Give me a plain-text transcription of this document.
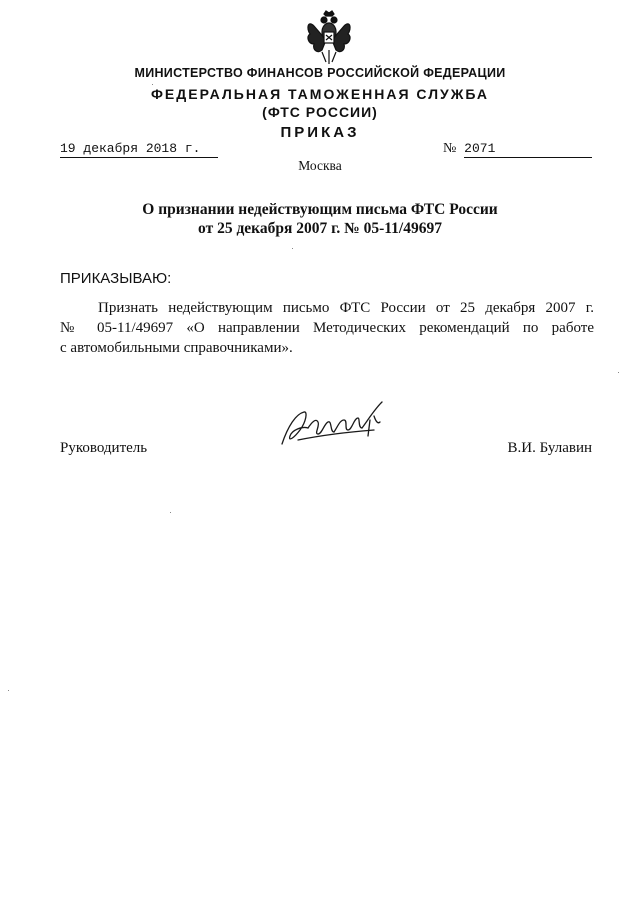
МИНИСТЕРСТВО ФИНАНСОВ РОССИЙСКОЙ ФЕДЕРАЦИИ
ФЕДЕРАЛЬНАЯ ТАМОЖЕННАЯ СЛУЖБА
(ФТС РОССИИ)
ПРИКАЗ
19 декабря 2018 г.	№ 2071
Москва
О признании недействующим письма ФТС России
от 25 декабря 2007 г. № 05-11/49697
ПРИКАЗЫВАЮ:
Признать недействующим письмо ФТС России от 25 декабря 2007 г.
№ 05-11/49697 «О направлении Методических рекомендаций по работе
с автомобильными справочниками».
Руководитель	В.И. Булавин
